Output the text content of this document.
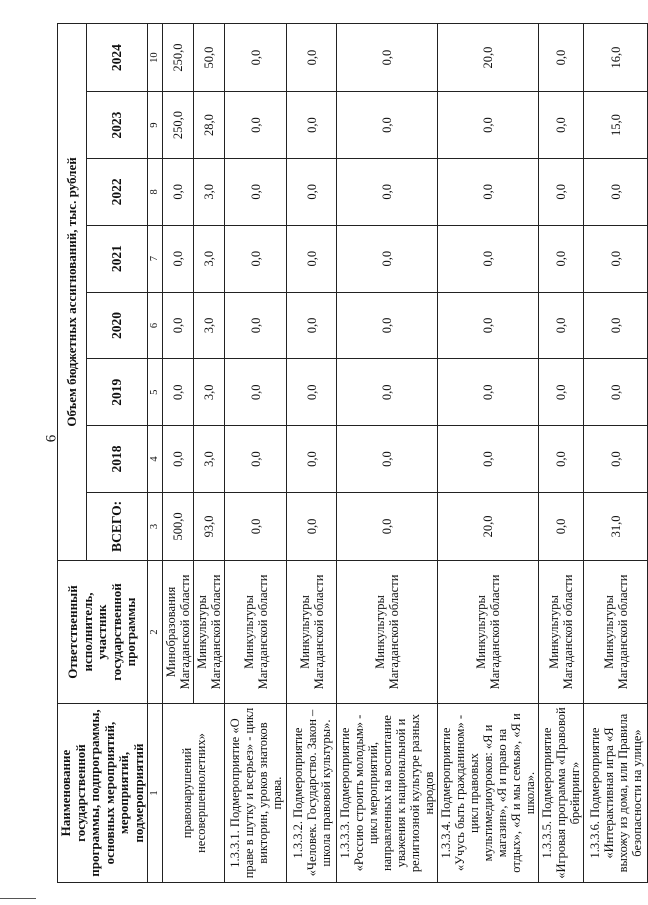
6
Наименование государственной программы, подпрограммы, основных мероприятий, мероприятий, подмероприятий	Ответственный исполнитель, участник государственной программы	Объем бюджетных ассигнований, тыс. рублей							
		ВСЕГО:	2018	2019	2020	2021	2022	2023	2024
1	2	3	4	5	6	7	8	9	10
правонарушений несовершеннолетних»	Минобразования Магаданской области	500,0	0,0	0,0	0,0	0,0	0,0	250,0	250,0
	Минкультуры Магаданской области	93,0	3,0	3,0	3,0	3,0	3,0	28,0	50,0
1.3.3.1. Подмероприятие «О праве в шутку и всерьез» - цикл викторин, уроков знатоков права.	Минкультуры Магаданской области	0,0	0,0	0,0	0,0	0,0	0,0	0,0	0,0
1.3.3.2. Подмероприятие «Человек. Государство. Закон – школа правовой культуры».	Минкультуры Магаданской области	0,0	0,0	0,0	0,0	0,0	0,0	0,0	0,0
1.3.3.3. Подмероприятие «Россию строить молодым» - цикл мероприятий, направленных на воспитание уважения к национальной и религиозной культуре разных народов	Минкультуры Магаданской области	0,0	0,0	0,0	0,0	0,0	0,0	0,0	0,0
1.3.3.4. Подмероприятие «Учусь быть гражданином» - цикл правовых мультимедиоуроков: «Я и магазин», «Я и право на отдых», «Я и мы семья», «Я и школа».	Минкультуры Магаданской области	20,0	0,0	0,0	0,0	0,0	0,0	0,0	20,0
1.3.3.5. Подмероприятие «Игровая программа «Правовой брейнринг»	Минкультуры Магаданской области	0,0	0,0	0,0	0,0	0,0	0,0	0,0	0,0
1.3.3.6. Подмероприятие «Интерактивная игра «Я выхожу из дома, или Правила безопасности на улице»	Минкультуры Магаданской области	31,0	0,0	0,0	0,0	0,0	0,0	15,0	16,0
